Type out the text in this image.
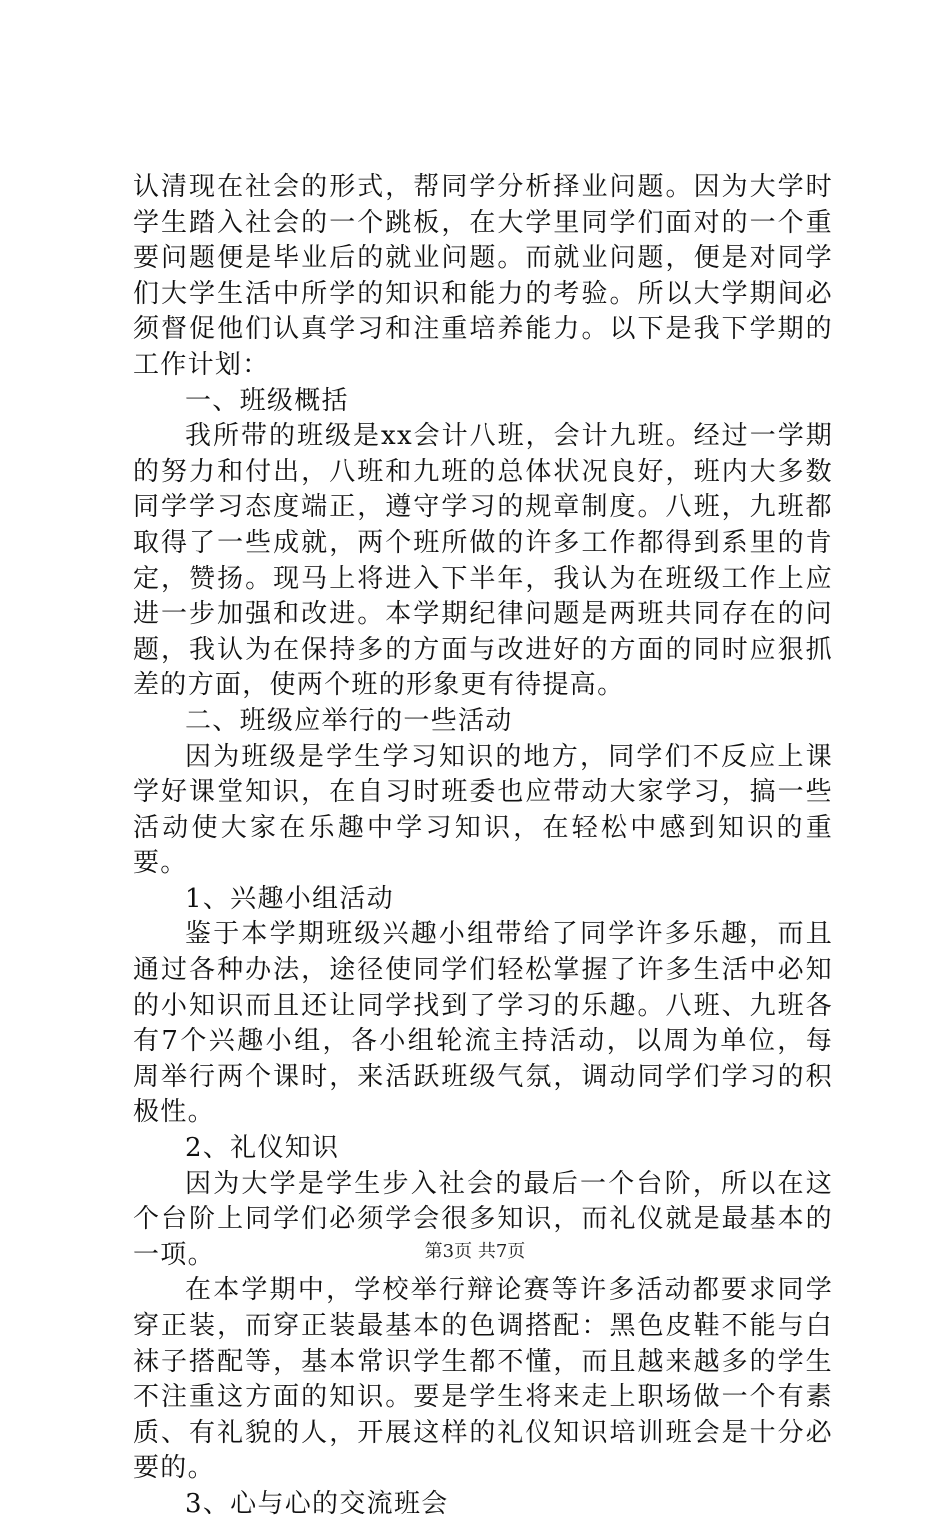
认清现在社会的形式，帮同学分析择业问题。因为大学时学生踏入社会的一个跳板，在大学里同学们面对的一个重要问题便是毕业后的就业问题。而就业问题，便是对同学们大学生活中所学的知识和能力的考验。所以大学期间必须督促他们认真学习和注重培养能力。以下是我下学期的工作计划：

一、班级概括

我所带的班级是xx会计八班，会计九班。经过一学期的努力和付出，八班和九班的总体状况良好，班内大多数同学学习态度端正，遵守学习的规章制度。八班，九班都取得了一些成就，两个班所做的许多工作都得到系里的肯定，赞扬。现马上将进入下半年，我认为在班级工作上应进一步加强和改进。本学期纪律问题是两班共同存在的问题，我认为在保持多的方面与改进好的方面的同时应狠抓差的方面，使两个班的形象更有待提高。

二、班级应举行的一些活动

因为班级是学生学习知识的地方，同学们不反应上课学好课堂知识，在自习时班委也应带动大家学习，搞一些活动使大家在乐趣中学习知识，在轻松中感到知识的重要。

1、兴趣小组活动

鉴于本学期班级兴趣小组带给了同学许多乐趣，而且通过各种办法，途径使同学们轻松掌握了许多生活中必知的小知识而且还让同学找到了学习的乐趣。八班、九班各有7个兴趣小组，各小组轮流主持活动，以周为单位，每周举行两个课时，来活跃班级气氛，调动同学们学习的积极性。

2、礼仪知识

因为大学是学生步入社会的最后一个台阶，所以在这个台阶上同学们必须学会很多知识，而礼仪就是最基本的一项。

在本学期中，学校举行辩论赛等许多活动都要求同学穿正装，而穿正装最基本的色调搭配：黑色皮鞋不能与白袜子搭配等，基本常识学生都不懂，而且越来越多的学生不注重这方面的知识。要是学生将来走上职场做一个有素质、有礼貌的人，开展这样的礼仪知识培训班会是十分必要的。

3、心与心的交流班会

第3页 共7页
